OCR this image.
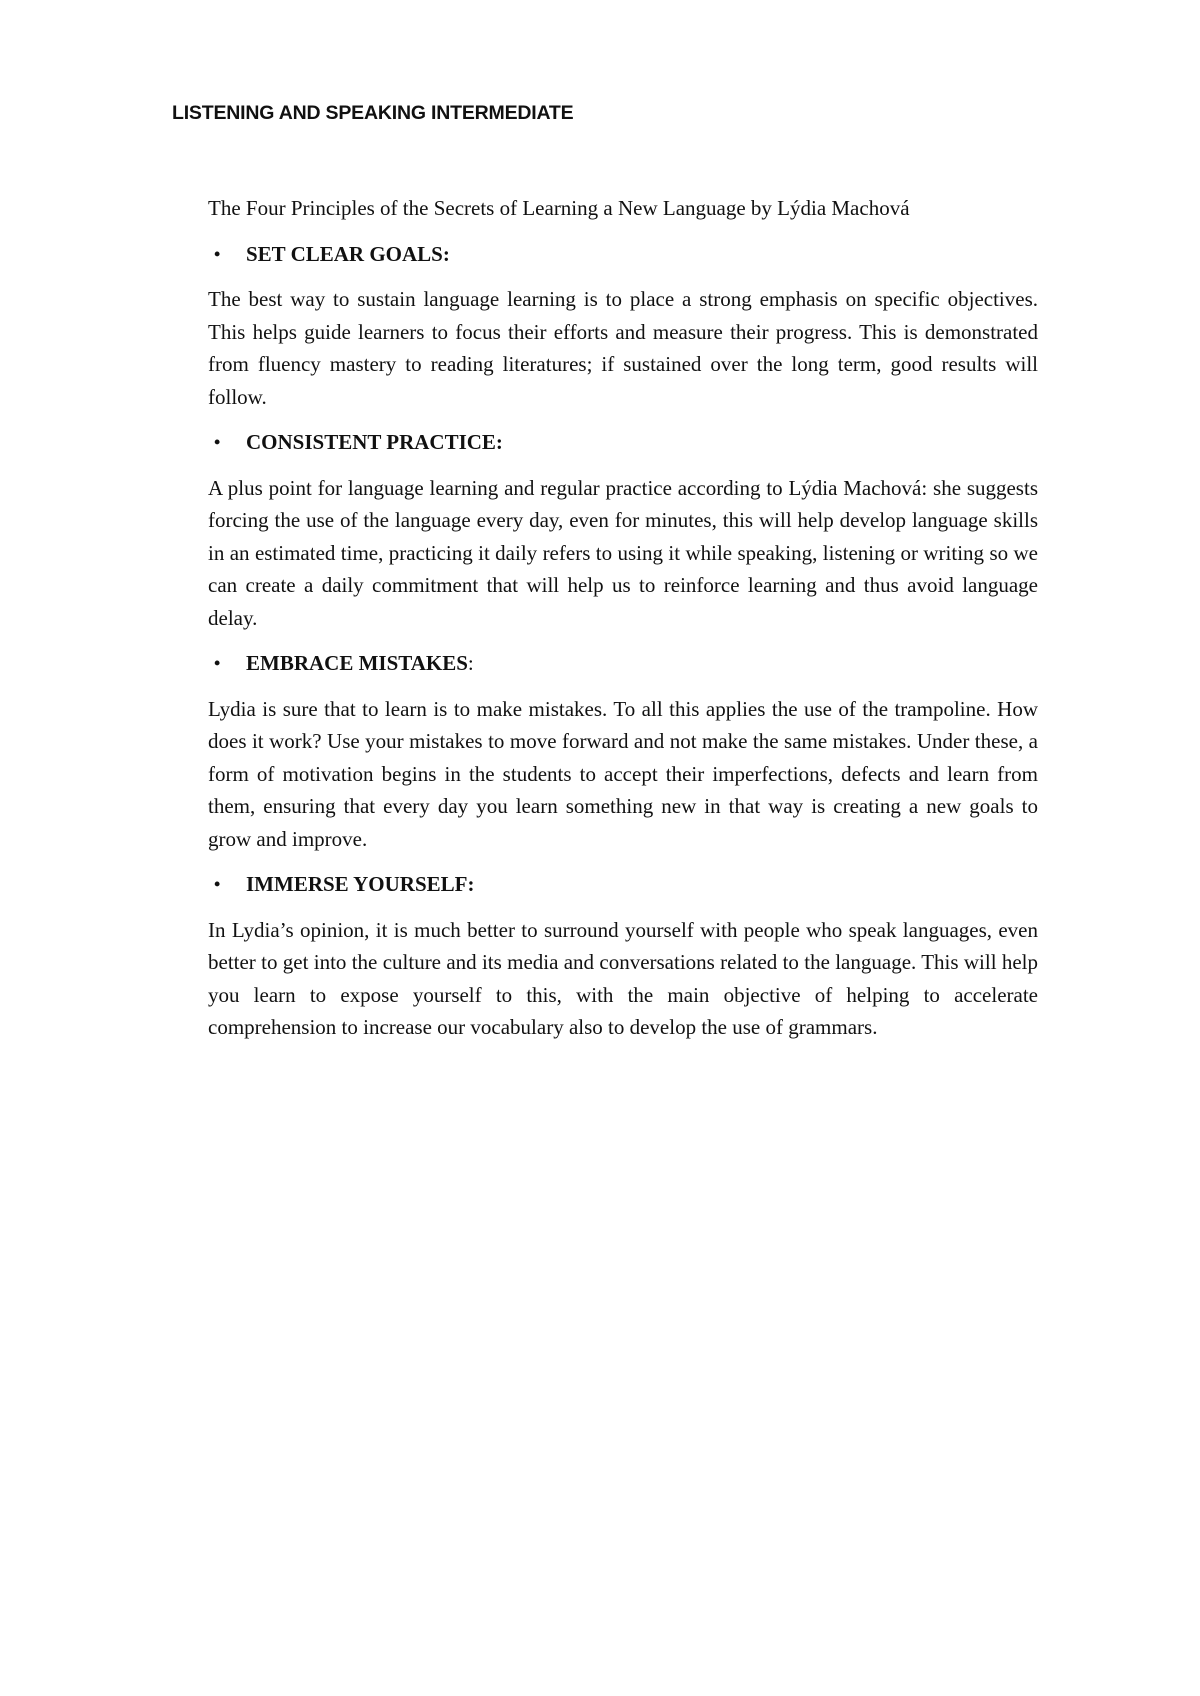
LISTENING AND SPEAKING INTERMEDIATE

The Four Principles of the Secrets of Learning a New Language by Lýdia Machová

• SET CLEAR GOALS:

The best way to sustain language learning is to place a strong emphasis on specific objectives. This helps guide learners to focus their efforts and measure their progress. This is demonstrated from fluency mastery to reading literatures; if sustained over the long term, good results will follow.

• CONSISTENT PRACTICE:

A plus point for language learning and regular practice according to Lýdia Machová: she suggests forcing the use of the language every day, even for minutes, this will help develop language skills in an estimated time, practicing it daily refers to using it while speaking, listening or writing so we can create a daily commitment that will help us to reinforce learning and thus avoid language delay.

• EMBRACE MISTAKES:

Lydia is sure that to learn is to make mistakes. To all this applies the use of the trampoline. How does it work? Use your mistakes to move forward and not make the same mistakes. Under these, a form of motivation begins in the students to accept their imperfections, defects and learn from them, ensuring that every day you learn something new in that way is creating a new goals to grow and improve.

• IMMERSE YOURSELF:

In Lydia’s opinion, it is much better to surround yourself with people who speak languages, even better to get into the culture and its media and conversations related to the language. This will help you learn to expose yourself to this, with the main objective of helping to accelerate comprehension to increase our vocabulary also to develop the use of grammars.
